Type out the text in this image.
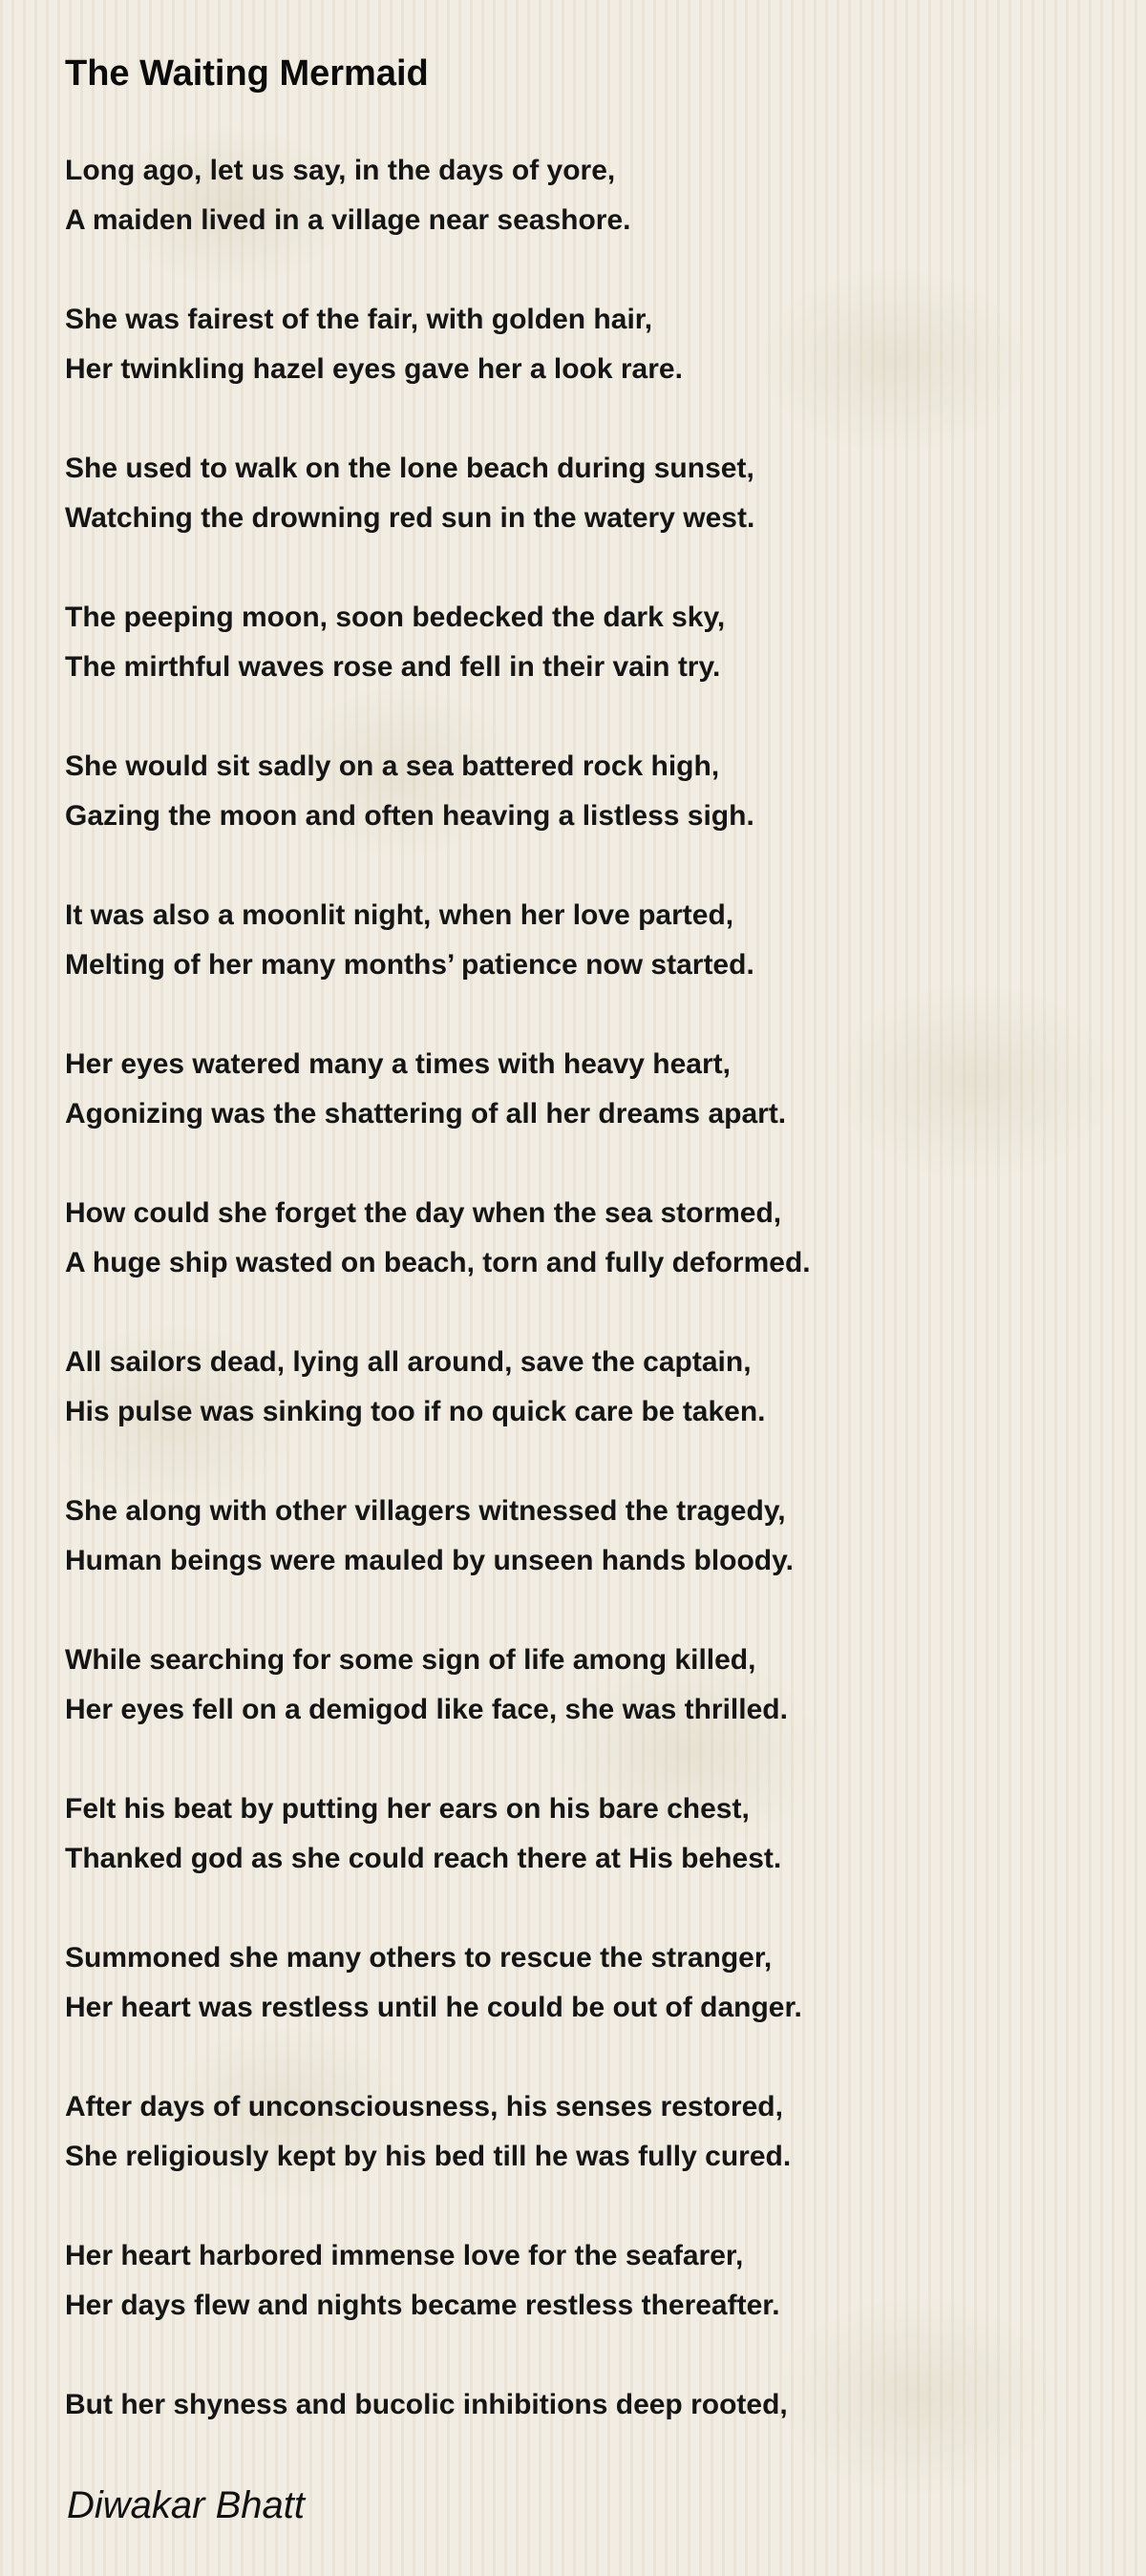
The Waiting Mermaid
Long ago, let us say, in the days of yore,
A maiden lived in a village near seashore.
She was fairest of the fair, with golden hair,
Her twinkling hazel eyes gave her a look rare.
She used to walk on the lone beach during sunset,
Watching the drowning red sun in the watery west.
The peeping moon, soon bedecked the dark sky,
The mirthful waves rose and fell in their vain try.
She would sit sadly on a sea battered rock high,
Gazing the moon and often heaving a listless sigh.
It was also a moonlit night, when her love parted,
Melting of her many months’ patience now started.
Her eyes watered many a times with heavy heart,
Agonizing was the shattering of all her dreams apart.
How could she forget the day when the sea stormed,
A huge ship wasted on beach, torn and fully deformed.
All sailors dead, lying all around, save the captain,
His pulse was sinking too if no quick care be taken.
She along with other villagers witnessed the tragedy,
Human beings were mauled by unseen hands bloody.
While searching for some sign of life among killed,
Her eyes fell on a demigod like face, she was thrilled.
Felt his beat by putting her ears on his bare chest,
Thanked god as she could reach there at His behest.
Summoned she many others to rescue the stranger,
Her heart was restless until he could be out of danger.
After days of unconsciousness, his senses restored,
She religiously kept by his bed till he was fully cured.
Her heart harbored immense love for the seafarer,
Her days flew and nights became restless thereafter.
But her shyness and bucolic inhibitions deep rooted,

Diwakar Bhatt
